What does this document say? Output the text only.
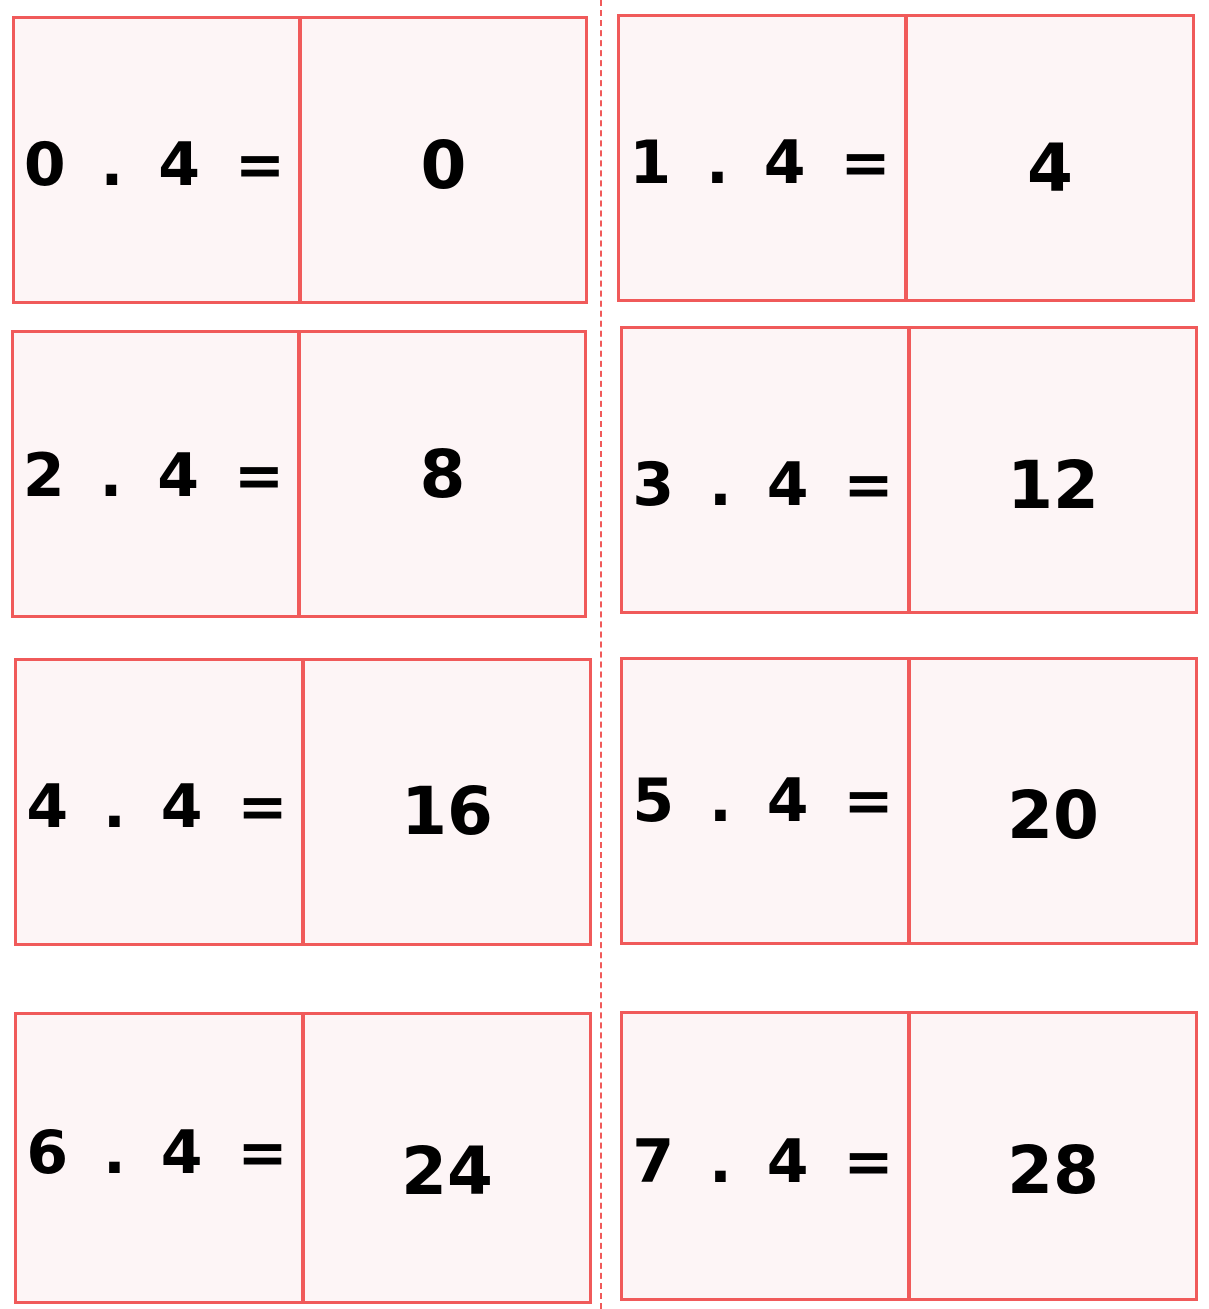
0 . 4 = 0
2 . 4 = 8
4 . 4 = 16
6 . 4 = 24
1 . 4 = 4
3 . 4 = 12
5 . 4 = 20
7 . 4 = 28
